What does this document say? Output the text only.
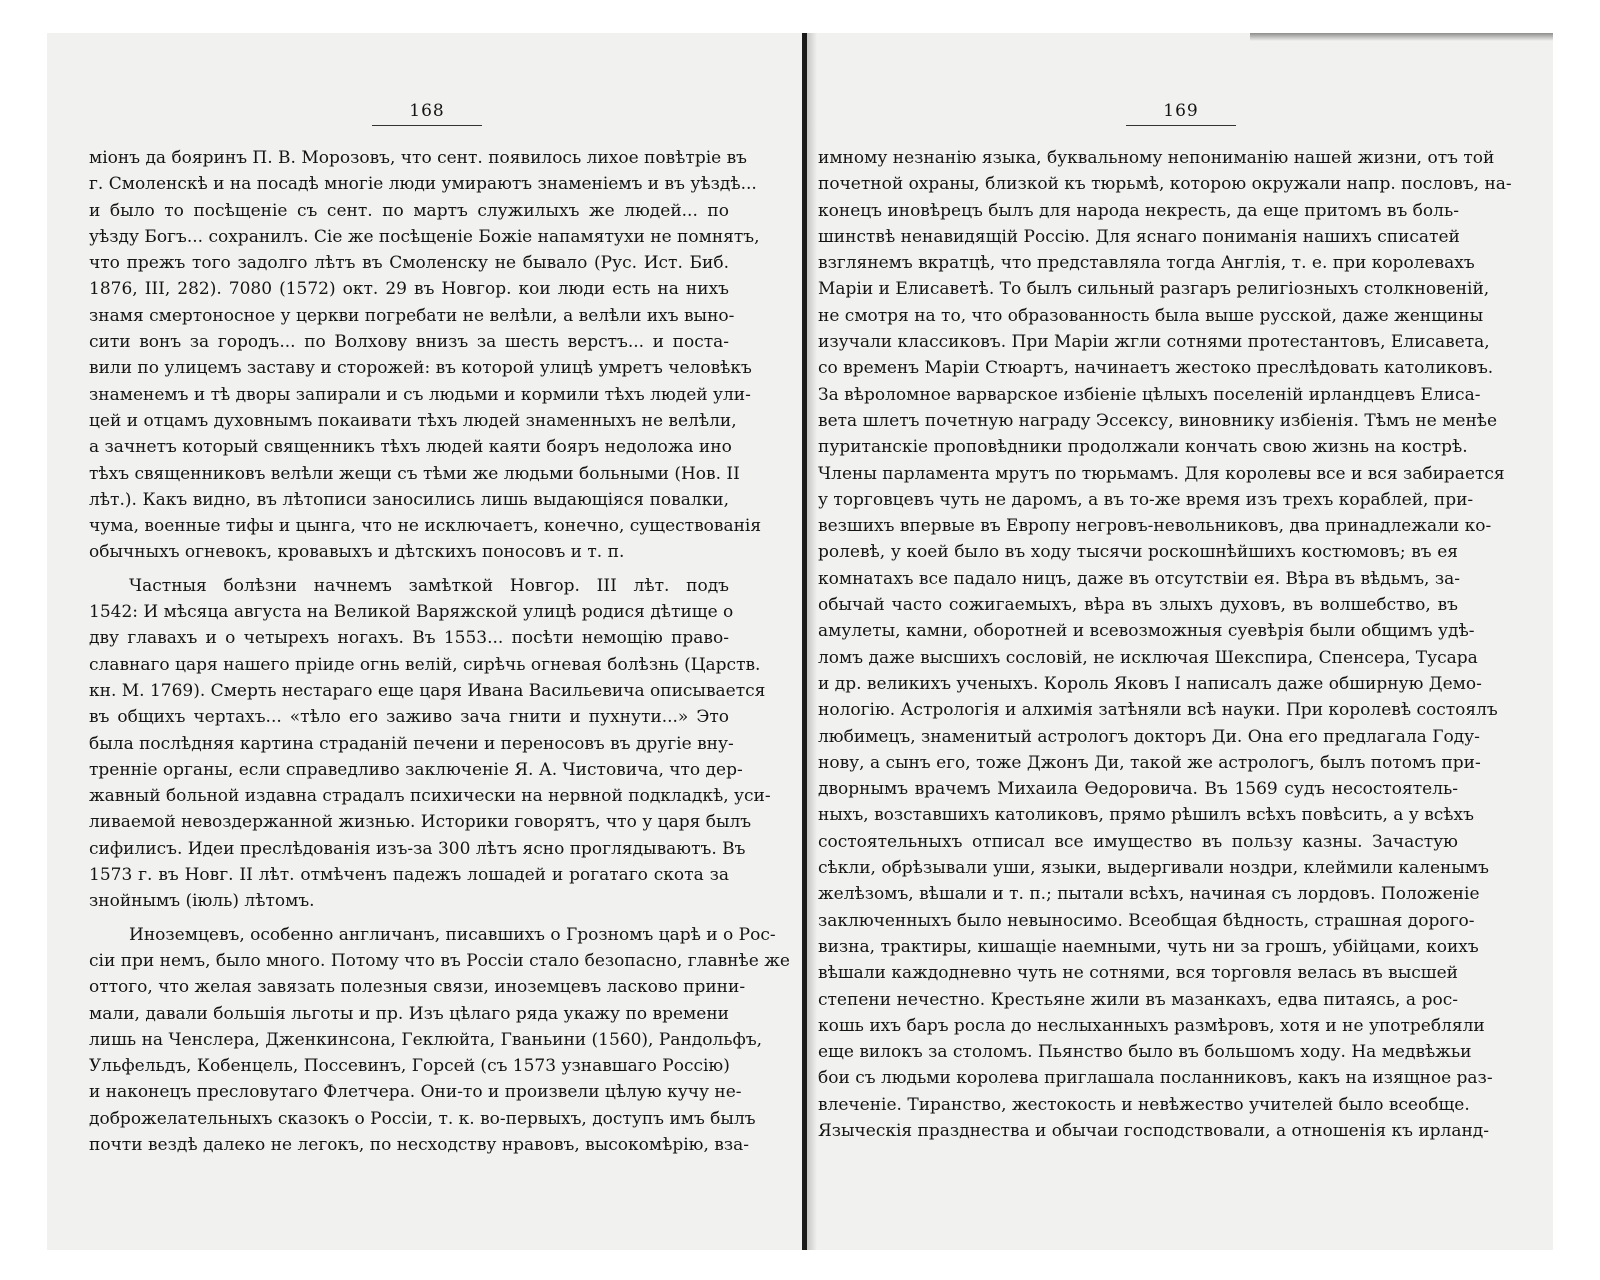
168
міонъ да бояринъ П. В. Морозовъ, что сент. появилось лихое повѣтріе въ
г. Смоленскѣ и на посадѣ многіе люди умираютъ знаменіемъ и въ уѣздѣ...
и было то посѣщеніе съ сент. по мартъ служилыхъ же людей... по
уѣзду Богъ... сохранилъ. Сіе же посѣщеніе Божіе напамятухи не помнятъ,
что прежъ того задолго лѣтъ въ Смоленску не бывало (Рус. Ист. Биб.
1876, III, 282). 7080 (1572) окт. 29 въ Новгор. кои люди есть на нихъ
знамя смертоносное у церкви погребати не велѣли, а велѣли ихъ выно-
сити вонъ за городъ... по Волхову внизъ за шесть верстъ... и поста-
вили по улицемъ заставу и сторожей: въ которой улицѣ умретъ человѣкъ
знаменемъ и тѣ дворы запирали и съ людьми и кормили тѣхъ людей ули-
цей и отцамъ духовнымъ покаивати тѣхъ людей знаменныхъ не велѣли,
а зачнетъ который священникъ тѣхъ людей каяти бояръ недоложа ино
тѣхъ священниковъ велѣли жещи съ тѣми же людьми больными (Нов. II
лѣт.). Какъ видно, въ лѣтописи заносились лишь выдающіяся повалки,
чума, военные тифы и цынга, что не исключаетъ, конечно, существованія
обычныхъ огневокъ, кровавыхъ и дѣтскихъ поносовъ и т. п.
Частныя болѣзни начнемъ замѣткой Новгор. III лѣт. подъ
1542: И мѣсяца августа на Великой Варяжской улицѣ родися дѣтище о
дву главахъ и о четырехъ ногахъ. Въ 1553... посѣти немощію право-
славнаго царя нашего пріиде огнь велій, сирѣчь огневая болѣзнь (Царств.
кн. М. 1769). Смерть нестараго еще царя Ивана Васильевича описывается
въ общихъ чертахъ... «тѣло его заживо зача гнити и пухнути...» Это
была послѣдняя картина страданій печени и переносовъ въ другіе вну-
тренніе органы, если справедливо заключеніе Я. А. Чистовича, что дер-
жавный больной издавна страдалъ психически на нервной подкладкѣ, уси-
ливаемой невоздержанной жизнью. Историки говорятъ, что у царя былъ
сифилисъ. Идеи преслѣдованія изъ-за 300 лѣтъ ясно проглядываютъ. Въ
1573 г. въ Новг. II лѣт. отмѣченъ падежъ лошадей и рогатаго скота за
знойнымъ (іюль) лѣтомъ.
Иноземцевъ, особенно англичанъ, писавшихъ о Грозномъ царѣ и о Рос-
сіи при немъ, было много. Потому что въ Россіи стало безопасно, главнѣе же
оттого, что желая завязать полезныя связи, иноземцевъ ласково прини-
мали, давали большія льготы и пр. Изъ цѣлаго ряда укажу по времени
лишь на Ченслера, Дженкинсона, Геклюйта, Гваньини (1560), Рандольфъ,
Ульфельдъ, Кобенцель, Поссевинъ, Горсей (съ 1573 узнавшаго Россію)
и наконецъ пресловутаго Флетчера. Они-то и произвели цѣлую кучу не-
доброжелательныхъ сказокъ о Россіи, т. к. во-первыхъ, доступъ имъ былъ
почти вездѣ далеко не легокъ, по несходству нравовъ, высокомѣрію, вза-
169
имному незнанію языка, буквальному непониманію нашей жизни, отъ той
почетной охраны, близкой къ тюрьмѣ, которою окружали напр. пословъ, на-
конецъ иновѣрецъ былъ для народа некресть, да еще притомъ въ боль-
шинствѣ ненавидящій Россію. Для яснаго пониманія нашихъ списатей
взглянемъ вкратцѣ, что представляла тогда Англія, т. е. при королевахъ
Маріи и Елисаветѣ. То былъ сильный разгаръ религіозныхъ столкновеній,
не смотря на то, что образованность была выше русской, даже женщины
изучали классиковъ. При Маріи жгли сотнями протестантовъ, Елисавета,
со временъ Маріи Стюартъ, начинаетъ жестоко преслѣдовать католиковъ.
За вѣроломное варварское избіеніе цѣлыхъ поселеній ирландцевъ Елиса-
вета шлетъ почетную награду Эссексу, виновнику избіенія. Тѣмъ не менѣе
пуританскіе проповѣдники продолжали кончать свою жизнь на кострѣ.
Члены парламента мрутъ по тюрьмамъ. Для королевы все и вся забирается
у торговцевъ чуть не даромъ, а въ то-же время изъ трехъ кораблей, при-
везшихъ впервые въ Европу негровъ-невольниковъ, два принадлежали ко-
ролевѣ, у коей было въ ходу тысячи роскошнѣйшихъ костюмовъ; въ ея
комнатахъ все падало ницъ, даже въ отсутствіи ея. Вѣра въ вѣдьмъ, за-
обычай часто сожигаемыхъ, вѣра въ злыхъ духовъ, въ волшебство, въ
амулеты, камни, оборотней и всевозможныя суевѣрія были общимъ удѣ-
ломъ даже высшихъ сословій, не исключая Шекспира, Спенсера, Тусара
и др. великихъ ученыхъ. Король Яковъ I написалъ даже обширную Демо-
нологію. Астрологія и алхимія затѣняли всѣ науки. При королевѣ состоялъ
любимецъ, знаменитый астрологъ докторъ Ди. Она его предлагала Году-
нову, а сынъ его, тоже Джонъ Ди, такой же астрологъ, былъ потомъ при-
дворнымъ врачемъ Михаила Ѳедоровича. Въ 1569 судъ несостоятель-
ныхъ, возставшихъ католиковъ, прямо рѣшилъ всѣхъ повѣсить, а у всѣхъ
состоятельныхъ отписал все имущество въ пользу казны. Зачастую
сѣкли, обрѣзывали уши, языки, выдергивали ноздри, клеймили каленымъ
желѣзомъ, вѣшали и т. п.; пытали всѣхъ, начиная съ лордовъ. Положеніе
заключенныхъ было невыносимо. Всеобщая бѣдность, страшная дорого-
визна, трактиры, кишащіе наемными, чуть ни за грошъ, убійцами, коихъ
вѣшали каждодневно чуть не сотнями, вся торговля велась въ высшей
степени нечестно. Крестьяне жили въ мазанкахъ, едва питаясь, а рос-
кошь ихъ баръ росла до неслыханныхъ размѣровъ, хотя и не употребляли
еще вилокъ за столомъ. Пьянство было въ большомъ ходу. На медвѣжьи
бои съ людьми королева приглашала посланниковъ, какъ на изящное раз-
влеченіе. Тиранство, жестокость и невѣжество учителей было всеобще.
Языческія празднества и обычаи господствовали, а отношенія къ ирланд-
